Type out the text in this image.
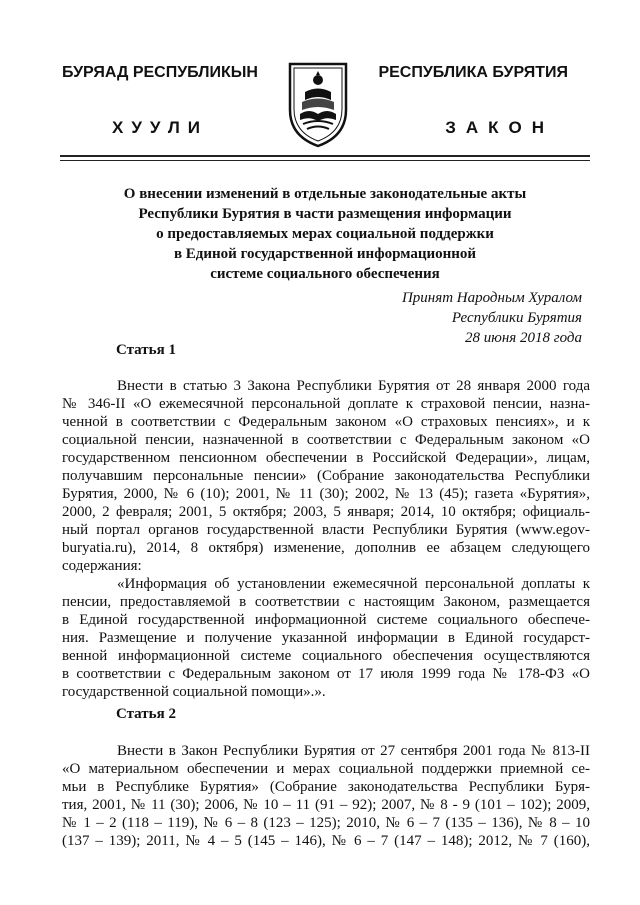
БУРЯАД РЕСПУБЛИКЫН	РЕСПУБЛИКА БУРЯТИЯ
ХУУЛИ	ЗАКОН
О внесении изменений в отдельные законодательные акты
Республики Бурятия в части размещения информации
о предоставляемых мерах социальной поддержки
в Единой государственной информационной
системе социального обеспечения
Принят Народным Хуралом
Республики Бурятия
28 июня 2018 года
Статья 1
Внести в статью 3 Закона Республики Бурятия от 28 января 2000 года
№ 346-II «О ежемесячной персональной доплате к страховой пенсии, назна-
ченной в соответствии с Федеральным законом «О страховых пенсиях», и к
социальной пенсии, назначенной в соответствии с Федеральным законом «О
государственном пенсионном обеспечении в Российской Федерации», лицам,
получавшим персональные пенсии» (Собрание законодательства Республики
Бурятия, 2000, № 6 (10); 2001, № 11 (30); 2002, № 13 (45); газета «Бурятия»,
2000, 2 февраля; 2001, 5 октября; 2003, 5 января; 2014, 10 октября; официаль-
ный портал органов государственной власти Республики Бурятия (www.egov-
buryatia.ru), 2014, 8 октября) изменение, дополнив ее абзацем следующего
содержания:
«Информация об установлении ежемесячной персональной доплаты к
пенсии, предоставляемой в соответствии с настоящим Законом, размещается
в Единой государственной информационной системе социального обеспече-
ния. Размещение и получение указанной информации в Единой государст-
венной информационной системе социального обеспечения осуществляются
в соответствии с Федеральным законом от 17 июля 1999 года № 178-ФЗ «О
государственной социальной помощи».».
Статья 2
Внести в Закон Республики Бурятия от 27 сентября 2001 года № 813-II
«О материальном обеспечении и мерах социальной поддержки приемной се-
мьи в Республике Бурятия» (Собрание законодательства Республики Буря-
тия, 2001, № 11 (30); 2006, № 10 – 11 (91 – 92); 2007, № 8 - 9 (101 – 102); 2009,
№ 1 – 2 (118 – 119), № 6 – 8 (123 – 125); 2010, № 6 – 7 (135 – 136), № 8 – 10
(137 – 139); 2011, № 4 – 5 (145 – 146), № 6 – 7 (147 – 148); 2012, № 7 (160),
